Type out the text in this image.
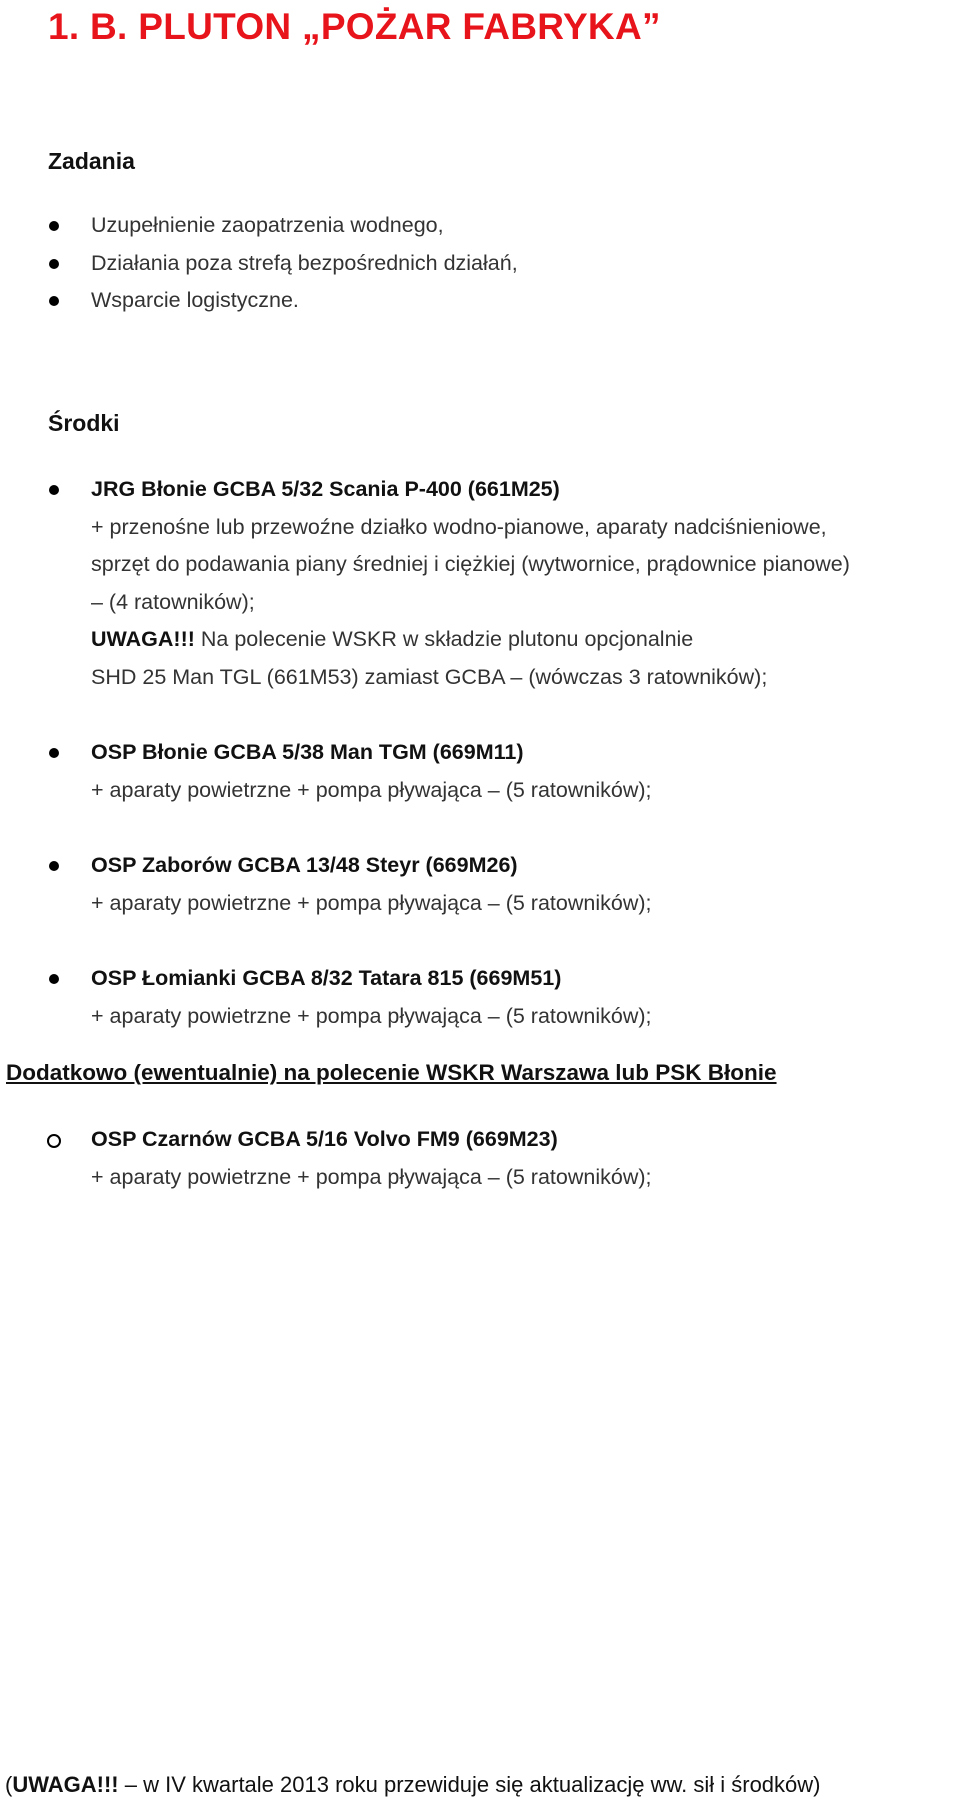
1. B. PLUTON „POŻAR FABRYKA”
Zadania
Uzupełnienie zaopatrzenia wodnego,
Działania poza strefą bezpośrednich działań,
Wsparcie logistyczne.
Środki
JRG Błonie GCBA 5/32 Scania P-400 (661M25)
+ przenośne lub przewoźne działko wodno-pianowe, aparaty nadciśnieniowe,
sprzęt do podawania piany średniej i ciężkiej (wytwornice, prądownice pianowe)
– (4 ratowników);
UWAGA!!! Na polecenie WSKR w składzie plutonu opcjonalnie
SHD 25 Man TGL (661M53) zamiast GCBA – (wówczas 3 ratowników);
OSP Błonie GCBA 5/38 Man TGM (669M11)
+ aparaty powietrzne + pompa pływająca – (5 ratowników);
OSP Zaborów GCBA 13/48 Steyr (669M26)
+ aparaty powietrzne + pompa pływająca – (5 ratowników);
OSP Łomianki GCBA 8/32 Tatara 815 (669M51)
+ aparaty powietrzne + pompa pływająca – (5 ratowników);
Dodatkowo (ewentualnie) na polecenie WSKR Warszawa lub PSK Błonie
OSP Czarnów GCBA 5/16 Volvo FM9 (669M23)
+ aparaty powietrzne + pompa pływająca – (5 ratowników);
(UWAGA!!! – w IV kwartale 2013 roku przewiduje się aktualizację ww. sił i środków)
